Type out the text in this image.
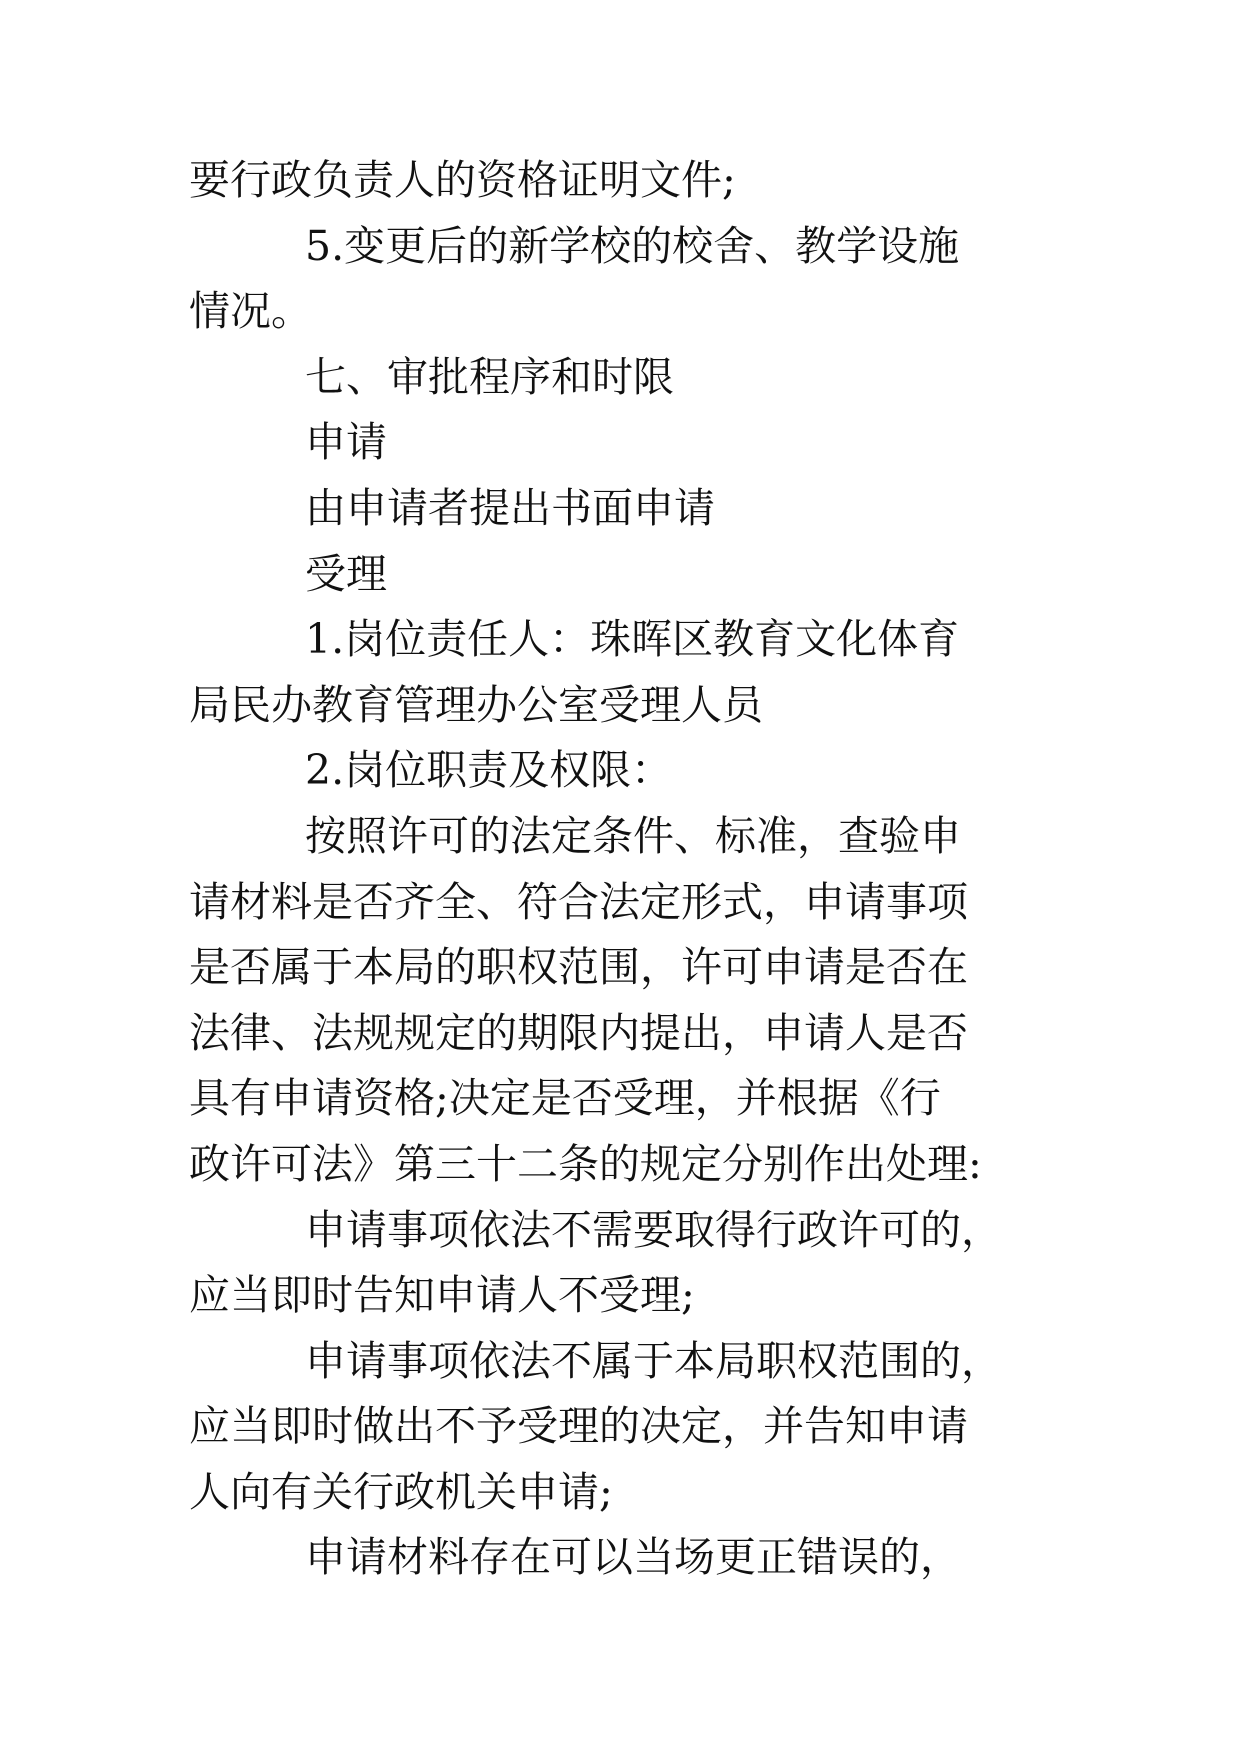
要行政负责人的资格证明文件;
5.变更后的新学校的校舍、教学设施
情况。
七、审批程序和时限
申请
由申请者提出书面申请
受理
1.岗位责任人：珠晖区教育文化体育
局民办教育管理办公室受理人员
2.岗位职责及权限：
按照许可的法定条件、标准，查验申
请材料是否齐全、符合法定形式，申请事项
是否属于本局的职权范围，许可申请是否在
法律、法规规定的期限内提出，申请人是否
具有申请资格;决定是否受理，并根据《行
政许可法》第三十二条的规定分别作出处理:
申请事项依法不需要取得行政许可的，
应当即时告知申请人不受理;
申请事项依法不属于本局职权范围的，
应当即时做出不予受理的决定，并告知申请
人向有关行政机关申请;
申请材料存在可以当场更正错误的，
